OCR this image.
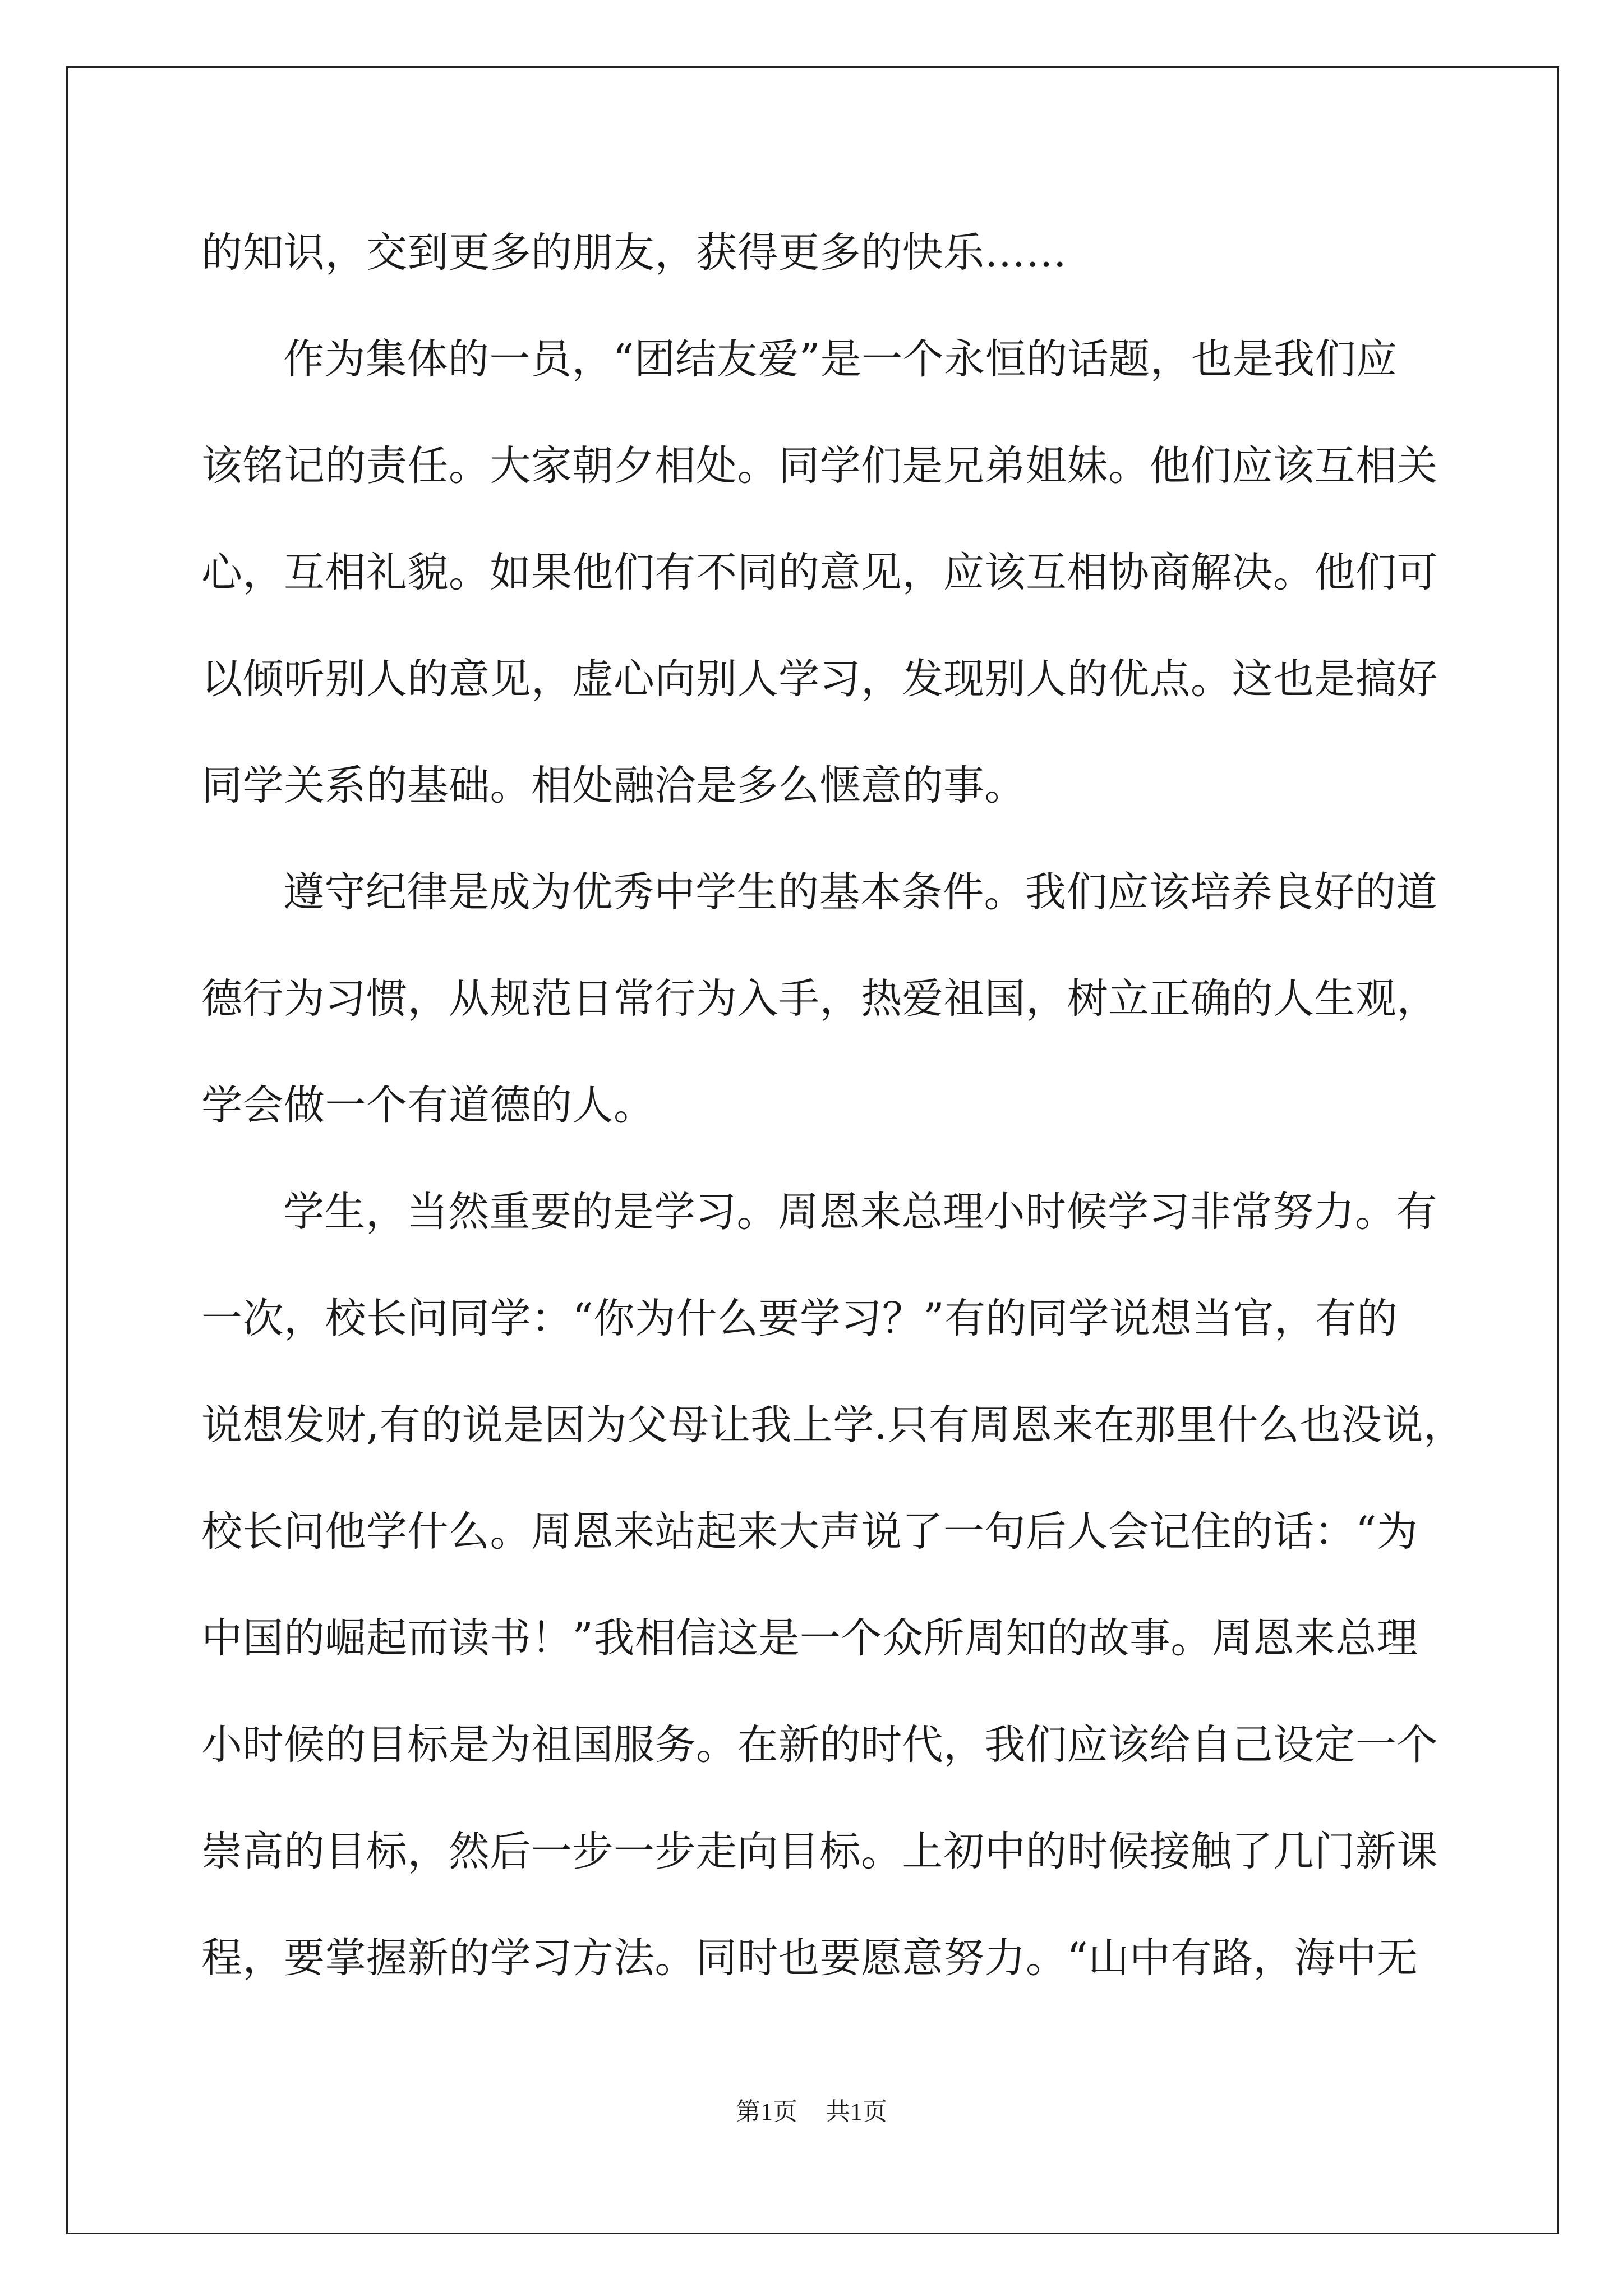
的知识，交到更多的朋友，获得更多的快乐……
作为集体的一员，“团结友爱”是一个永恒的话题，也是我们应
该铭记的责任。大家朝夕相处。同学们是兄弟姐妹。他们应该互相关
心，互相礼貌。如果他们有不同的意见，应该互相协商解决。他们可
以倾听别人的意见，虚心向别人学习，发现别人的优点。这也是搞好
同学关系的基础。相处融洽是多么惬意的事。
遵守纪律是成为优秀中学生的基本条件。我们应该培养良好的道
德行为习惯，从规范日常行为入手，热爱祖国，树立正确的人生观，
学会做一个有道德的人。
学生，当然重要的是学习。周恩来总理小时候学习非常努力。有
一次，校长问同学：“你为什么要学习？”有的同学说想当官，有的
说想发财,有的说是因为父母让我上学.只有周恩来在那里什么也没说，
校长问他学什么。周恩来站起来大声说了一句后人会记住的话：“为
中国的崛起而读书！”我相信这是一个众所周知的故事。周恩来总理
小时候的目标是为祖国服务。在新的时代，我们应该给自己设定一个
崇高的目标，然后一步一步走向目标。上初中的时候接触了几门新课
程，要掌握新的学习方法。同时也要愿意努力。“山中有路，海中无
第1页 共1页
